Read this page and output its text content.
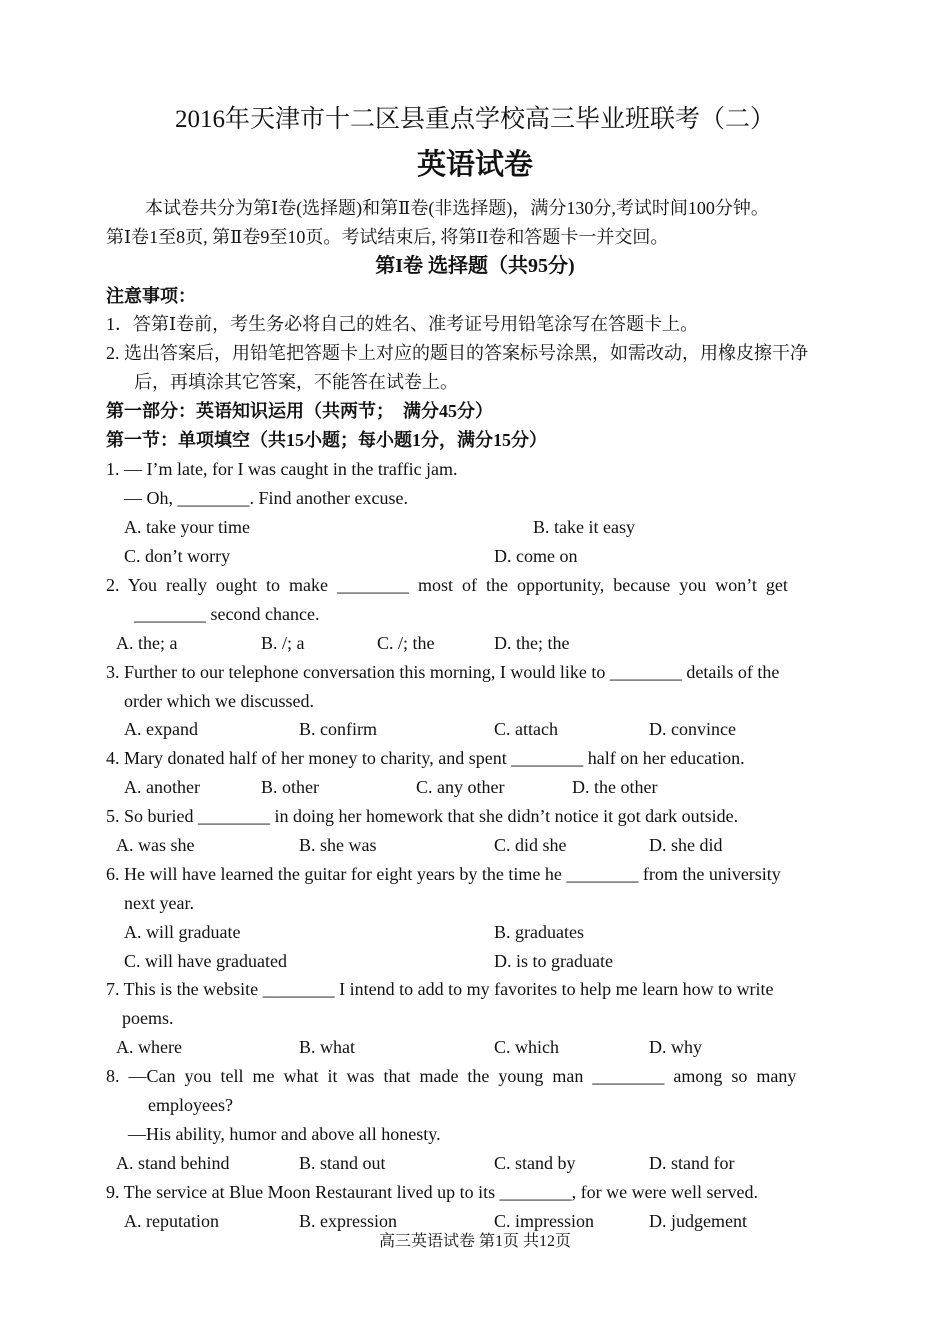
2016年天津市十二区县重点学校高三毕业班联考（二）
英语试卷
本试卷共分为第Ⅰ卷(选择题)和第Ⅱ卷(非选择题)，满分130分,考试时间100分钟。
第Ⅰ卷1至8页, 第Ⅱ卷9至10页。考试结束后, 将第II卷和答题卡一并交回。
第I卷 选择题（共95分)
注意事项：
1．答第Ⅰ卷前，考生务必将自己的姓名、准考证号用铅笔涂写在答题卡上。
2. 选出答案后，用铅笔把答题卡上对应的题目的答案标号涂黑，如需改动，用橡皮擦干净
后，再填涂其它答案，不能答在试卷上。
第一部分：英语知识运用（共两节；  满分45分）
第一节：单项填空（共15小题；每小题1分，满分15分）
1. — I’m late, for I was caught in the traffic jam.
— Oh, ________. Find another excuse.
A. take your time	B. take it easy
C. don’t worry	D. come on
2.  You  really  ought  to  make  ________  most  of  the  opportunity,  because  you  won’t  get
________ second chance.
A. the; a	B. /; a	C. /; the	D. the; the
3. Further to our telephone conversation this morning, I would like to ________ details of the
order which we discussed.
A. expand	B. confirm	C. attach	D. convince
4. Mary donated half of her money to charity, and spent ________ half on her education.
A. another	B. other	C. any other	D. the other
5. So buried ________ in doing her homework that she didn’t notice it got dark outside.
A. was she	B. she was	C. did she	D. she did
6. He will have learned the guitar for eight years by the time he ________ from the university
next year.
A. will graduate	B. graduates
C. will have graduated	D. is to graduate
7. This is the website ________ I intend to add to my favorites to help me learn how to write
poems.
A. where	B. what	C. which	D. why
8.  —Can  you  tell  me  what  it  was  that  made  the  young  man  ________  among  so  many
employees?
—His ability, humor and above all honesty.
A. stand behind	B. stand out	C. stand by	D. stand for
9. The service at Blue Moon Restaurant lived up to its ________, for we were well served.
A. reputation	B. expression	C. impression	D. judgement
高三英语试卷 第1页 共12页
